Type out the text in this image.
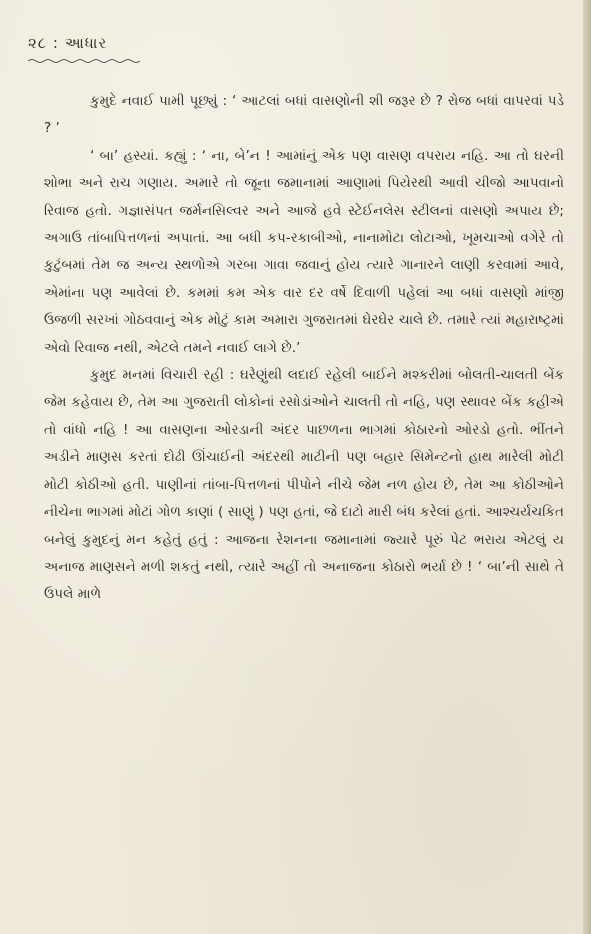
૨૮ : આધાર

કુમુદે નવાઈ પામી પૂછ્યું : ‘ આટલાં બધાં વાસણોની શી જરૂર છે ? રોજ બધાં વાપરવાં પડે ? ’

‘ બા’ હસ્યાં. કહ્યું : ‘ ના, બે’ન ! આમાંનું એક પણ વાસણ વપરાય નહિ. આ તો ઘરની શોભા અને રાચ ગણાય. અમારે તો જૂના જમાનામાં આણામાં પિયેરથી આવી ચીજો આપવાનો રિવાજ હતો. ગજ્ઞાસંપત જર્મનસિલ્વર અને આજે હવે સ્ટેઈનલેસ સ્ટીલનાં વાસણો અપાય છે; અગાઉ તાંબાપિત્તળનાં અપાતાં. આ બધી કપ-રકાબીઓ, નાનામોટા લોટાઓ, ખૂમચાઓ વગેરે તો કુટુંબમાં તેમ જ અન્ય સ્થળોએ ગરબા ગાવા જવાનું હોય ત્યારે ગાનારને લાણી કરવામાં આવે, એમાંના પણ આવેલાં છે. કમમાં કમ એક વાર દર વર્ષે દિવાળી પહેલાં આ બધાં વાસણો માંજી ઉજળી સરખાં ગોઠવવાનું એક મોટું કામ અમારા ગુજરાતમાં ઘેરઘેર ચાલે છે. તમારે ત્યાં મહારાષ્ટ્રમાં એવો રિવાજ નથી, એટલે તમને નવાઈ લાગે છે.’

કુમુદ મનમાં વિચારી રહી : ઘરેણુંથી લદાઈ રહેલી બાઈને મશ્કરીમાં બોલતી-ચાલતી બેંક જેમ કહેવાય છે, તેમ આ ગુજરાતી લોકોનાં રસોડાંઓને ચાલતી તો નહિ, પણ સ્થાવર બેંક કહીએ તો વાંધો નહિ ! આ વાસણના ઓરડાની અંદર પાછળના ભાગમાં કોઠારનો ઓરડો હતો. ભીંતને અડીને માણસ કરતાં દોઢી ઊંચાઈની અંદરથી માટીની પણ બહાર સિમેન્ટનો હાથ મારેલી મોટી મોટી કોઠીઓ હતી. પાણીનાં તાંબા-પિત્તળનાં પીપોને નીચે જેમ નળ હોય છે, તેમ આ કોઠીઓને નીચેના ભાગમાં મોટાં ગોળ કાણાં ( સાણું ) પણ હતાં, જે દાટો મારી બંધ કરેલાં હતાં. આશ્ચર્યચકિત બનેલું કુમુદનું મન કહેતું હતું : આજના રેશનના જમાનામાં જ્યારે પૂરું પેટ ભરાય એટલું ય અનાજ માણસને મળી શકતું નથી, ત્યારે અહીં તો અનાજના કોઠારો ભર્યા છે ! ‘ બા’ની સાથે તે ઉપલે માળે
